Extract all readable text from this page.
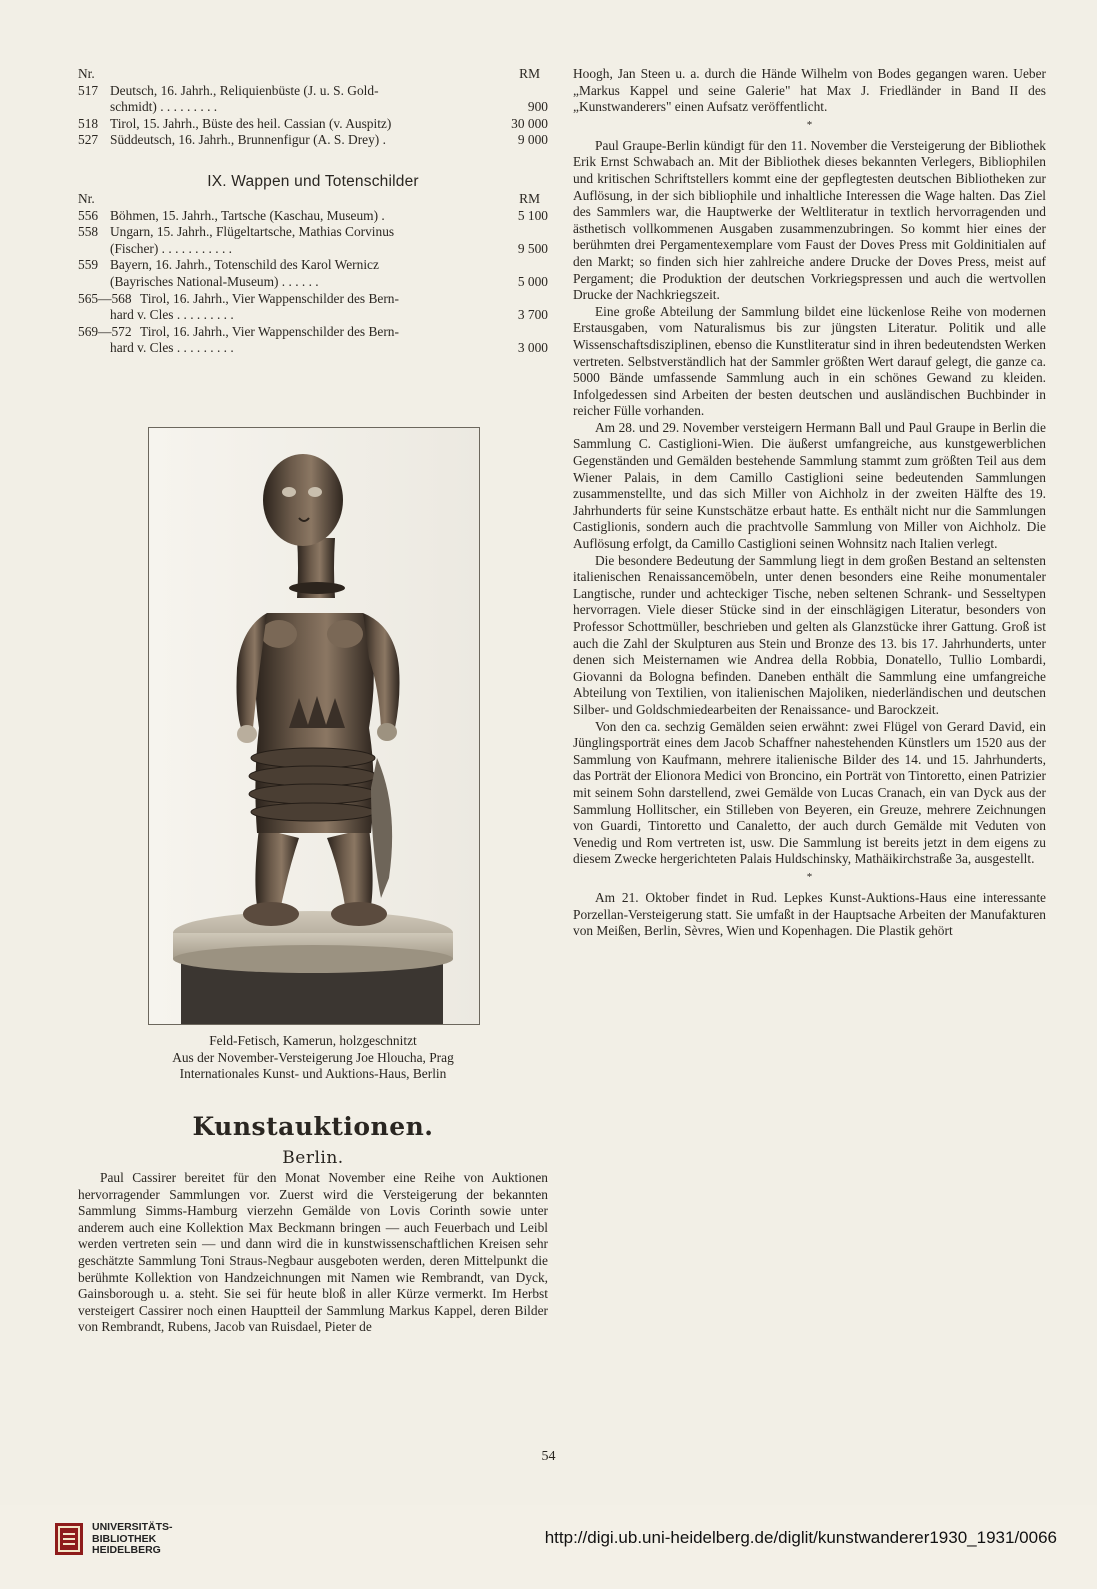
Nr.	RM
517 Deutsch, 16. Jahrh., Reliquienbüste (J. u. S. Gold-
schmidt) . . . . . . . . .	900
518 Tirol, 15. Jahrh., Büste des heil. Cassian (v. Auspitz)	30 000
527 Süddeutsch, 16. Jahrh., Brunnenfigur (A. S. Drey) .	9 000
IX. Wappen und Totenschilder
Nr.	RM
556 Böhmen, 15. Jahrh., Tartsche (Kaschau, Museum) .	5 100
558 Ungarn, 15. Jahrh., Flügeltartsche, Mathias Corvinus
(Fischer) . . . . . . . . . . .	9 500
559 Bayern, 16. Jahrh., Totenschild des Karol Wernicz
(Bayrisches National-Museum) . . . . . .	5 000
565—568 Tirol, 16. Jahrh., Vier Wappenschilder des Bern-
hard v. Cles . . . . . . . . .	3 700
569—572 Tirol, 16. Jahrh., Vier Wappenschilder des Bern-
hard v. Cles . . . . . . . . .	3 000
Feld-Fetisch, Kamerun, holzgeschnitzt
Aus der November-Versteigerung Joe Hloucha, Prag
Internationales Kunst- und Auktions-Haus, Berlin
Kunstauktionen.
Berlin.

Paul Cassirer bereitet für den Monat November eine Reihe von Auktionen hervorragender Sammlungen vor. Zuerst wird die Versteigerung der bekannten Sammlung Simms-Hamburg vierzehn Gemälde von Lovis Corinth sowie unter anderem auch eine Kollektion Max Beckmann bringen — auch Feuerbach und Leibl werden vertreten sein — und dann wird die in kunstwissenschaftlichen Kreisen sehr geschätzte Sammlung Toni Straus-Negbaur ausgeboten werden, deren Mittelpunkt die berühmte Kollektion von Handzeichnungen mit Namen wie Rembrandt, van Dyck, Gainsborough u. a. steht. Sie sei für heute bloß in aller Kürze vermerkt. Im Herbst versteigert Cassirer noch einen Hauptteil der Sammlung Markus Kappel, deren Bilder von Rembrandt, Rubens, Jacob van Ruisdael, Pieter de

Hoogh, Jan Steen u. a. durch die Hände Wilhelm von Bodes gegangen waren. Ueber „Markus Kappel und seine Galerie" hat Max J. Friedländer in Band II des „Kunstwanderers" einen Aufsatz veröffentlicht.

*

Paul Graupe-Berlin kündigt für den 11. November die Versteigerung der Bibliothek Erik Ernst Schwabach an. Mit der Bibliothek dieses bekannten Verlegers, Bibliophilen und kritischen Schriftstellers kommt eine der gepflegtesten deutschen Bibliotheken zur Auflösung, in der sich bibliophile und inhaltliche Interessen die Wage halten. Das Ziel des Sammlers war, die Hauptwerke der Weltliteratur in textlich hervorragenden und ästhetisch vollkommenen Ausgaben zusammenzubringen. So kommt hier eines der berühmten drei Pergamentexemplare vom Faust der Doves Press mit Goldinitialen auf den Markt; so finden sich hier zahlreiche andere Drucke der Doves Press, meist auf Pergament; die Produktion der deutschen Vorkriegspressen und auch die wertvollen Drucke der Nachkriegszeit.

Eine große Abteilung der Sammlung bildet eine lückenlose Reihe von modernen Erstausgaben, vom Naturalismus bis zur jüngsten Literatur. Politik und alle Wissenschaftsdisziplinen, ebenso die Kunstliteratur sind in ihren bedeutendsten Werken vertreten. Selbstverständlich hat der Sammler größten Wert darauf gelegt, die ganze ca. 5000 Bände umfassende Sammlung auch in ein schönes Gewand zu kleiden. Infolgedessen sind Arbeiten der besten deutschen und ausländischen Buchbinder in reicher Fülle vorhanden.

Am 28. und 29. November versteigern Hermann Ball und Paul Graupe in Berlin die Sammlung C. Castiglioni-Wien. Die äußerst umfangreiche, aus kunstgewerblichen Gegenständen und Gemälden bestehende Sammlung stammt zum größten Teil aus dem Wiener Palais, in dem Camillo Castiglioni seine bedeutenden Sammlungen zusammenstellte, und das sich Miller von Aichholz in der zweiten Hälfte des 19. Jahrhunderts für seine Kunstschätze erbaut hatte. Es enthält nicht nur die Sammlungen Castiglionis, sondern auch die prachtvolle Sammlung von Miller von Aichholz. Die Auflösung erfolgt, da Camillo Castiglioni seinen Wohnsitz nach Italien verlegt.

Die besondere Bedeutung der Sammlung liegt in dem großen Bestand an seltensten italienischen Renaissancemöbeln, unter denen besonders eine Reihe monumentaler Langtische, runder und achteckiger Tische, neben seltenen Schrank- und Sesseltypen hervorragen. Viele dieser Stücke sind in der einschlägigen Literatur, besonders von Professor Schottmüller, beschrieben und gelten als Glanzstücke ihrer Gattung. Groß ist auch die Zahl der Skulpturen aus Stein und Bronze des 13. bis 17. Jahrhunderts, unter denen sich Meisternamen wie Andrea della Robbia, Donatello, Tullio Lombardi, Giovanni da Bologna befinden. Daneben enthält die Sammlung eine umfangreiche Abteilung von Textilien, von italienischen Majoliken, niederländischen und deutschen Silber- und Goldschmiedearbeiten der Renaissance- und Barockzeit.

Von den ca. sechzig Gemälden seien erwähnt: zwei Flügel von Gerard David, ein Jünglingsporträt eines dem Jacob Schaffner nahestehenden Künstlers um 1520 aus der Sammlung von Kaufmann, mehrere italienische Bilder des 14. und 15. Jahrhunderts, das Porträt der Elionora Medici von Broncino, ein Porträt von Tintoretto, einen Patrizier mit seinem Sohn darstellend, zwei Gemälde von Lucas Cranach, ein van Dyck aus der Sammlung Hollitscher, ein Stilleben von Beyeren, ein Greuze, mehrere Zeichnungen von Guardi, Tintoretto und Canaletto, der auch durch Gemälde mit Veduten von Venedig und Rom vertreten ist, usw. Die Sammlung ist bereits jetzt in dem eigens zu diesem Zwecke hergerichteten Palais Huldschinsky, Mathäikirchstraße 3a, ausgestellt.

*

Am 21. Oktober findet in Rud. Lepkes Kunst-Auktions-Haus eine interessante Porzellan-Versteigerung statt. Sie umfaßt in der Hauptsache Arbeiten der Manufakturen von Meißen, Berlin, Sèvres, Wien und Kopenhagen. Die Plastik gehört

54
UNIVERSITÄTS-
BIBLIOTHEK
HEIDELBERG
http://digi.ub.uni-heidelberg.de/diglit/kunstwanderer1930_1931/0066
